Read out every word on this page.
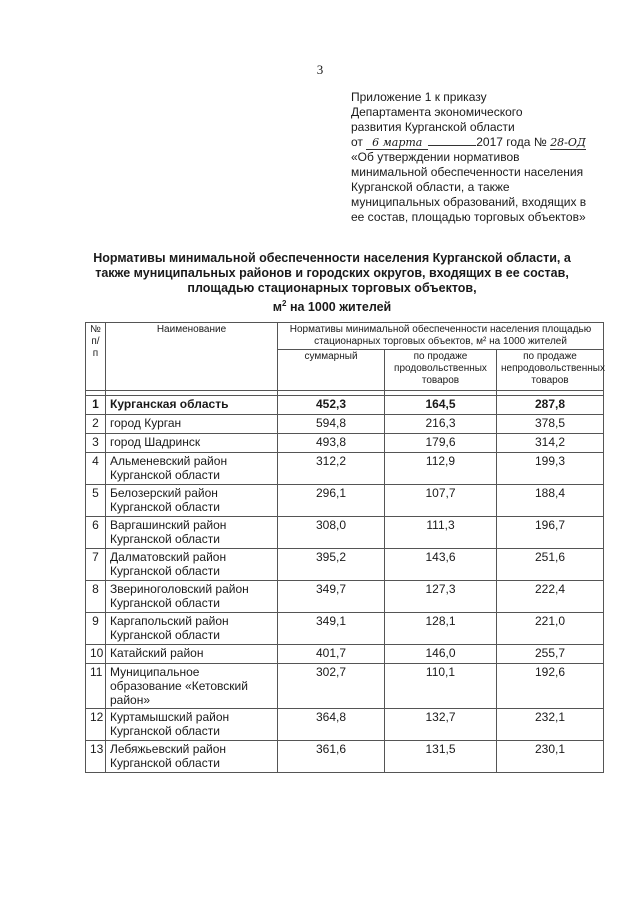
3
Приложение 1 к приказу
Департамента экономического
развития Курганской области
от 6 марта	2017 года № 28-ОД
«Об утверждении нормативов
минимальной обеспеченности населения
Курганской области, а также
муниципальных образований, входящих в
ее состав, площадью торговых объектов»
Нормативы минимальной обеспеченности населения Курганской области, а
также муниципальных районов и городских округов, входящих в ее состав,
площадью стационарных торговых объектов,
$м^2$ на 1000 жителей
№ п/п	Наименование	Нормативы минимальной обеспеченности населения площадью стационарных торговых объектов, м² на 1000 жителей		
		суммарный	по продаже продовольственных товаров	по продаже непродовольственных товаров

1	Курганская область	452,3	164,5	287,8
2	город Курган	594,8	216,3	378,5
3	город Шадринск	493,8	179,6	314,2
4	Альменевский район Курганской области	312,2	112,9	199,3
5	Белозерский район Курганской области	296,1	107,7	188,4
6	Варгашинский район Курганской области	308,0	111,3	196,7
7	Далматовский район Курганской области	395,2	143,6	251,6
8	Звериноголовский район Курганской области	349,7	127,3	222,4
9	Каргапольский район Курганской области	349,1	128,1	221,0
10	Катайский район	401,7	146,0	255,7
11	Муниципальное образование «Кетовский район»	302,7	110,1	192,6
12	Куртамышский район Курганской области	364,8	132,7	232,1
13	Лебяжьевский район Курганской области	361,6	131,5	230,1
